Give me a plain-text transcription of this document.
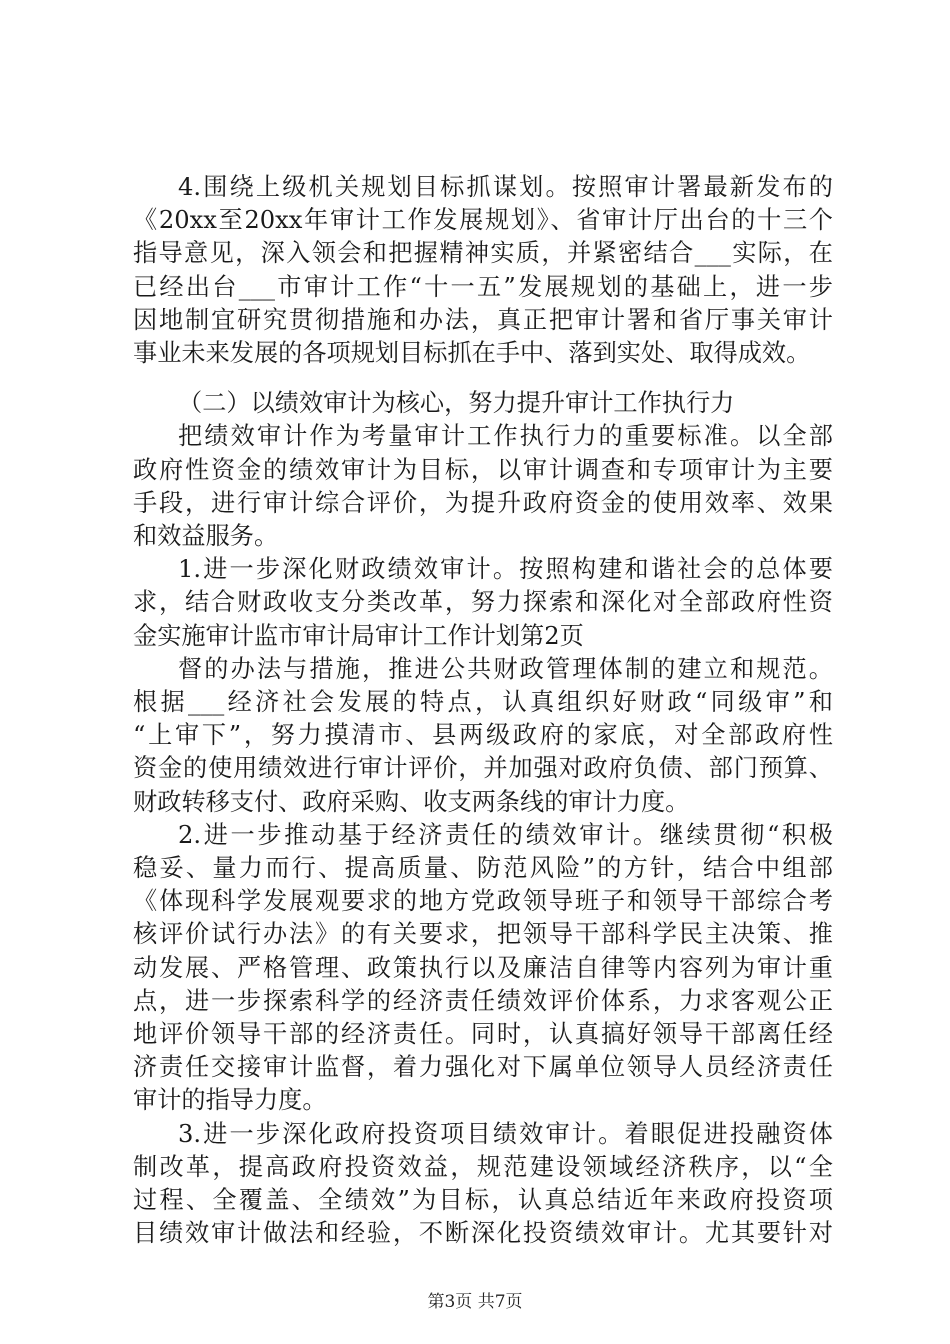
4.围绕上级机关规划目标抓谋划。按照审计署最新发布的
《20xx至20xx年审计工作发展规划》、省审计厅出台的十三个
指导意见，深入领会和把握精神实质，并紧密结合___实际，在
已经出台___市审计工作“十一五”发展规划的基础上，进一步
因地制宜研究贯彻措施和办法，真正把审计署和省厅事关审计
事业未来发展的各项规划目标抓在手中、落到实处、取得成效。
（二）以绩效审计为核心，努力提升审计工作执行力
把绩效审计作为考量审计工作执行力的重要标准。以全部
政府性资金的绩效审计为目标，以审计调查和专项审计为主要
手段，进行审计综合评价，为提升政府资金的使用效率、效果
和效益服务。
1.进一步深化财政绩效审计。按照构建和谐社会的总体要
求，结合财政收支分类改革，努力探索和深化对全部政府性资
金实施审计监市审计局审计工作计划第2页
督的办法与措施，推进公共财政管理体制的建立和规范。
根据___经济社会发展的特点，认真组织好财政“同级审”和
“上审下”，努力摸清市、县两级政府的家底，对全部政府性
资金的使用绩效进行审计评价，并加强对政府负债、部门预算、
财政转移支付、政府采购、收支两条线的审计力度。
2.进一步推动基于经济责任的绩效审计。继续贯彻“积极
稳妥、量力而行、提高质量、防范风险”的方针，结合中组部
《体现科学发展观要求的地方党政领导班子和领导干部综合考
核评价试行办法》的有关要求，把领导干部科学民主决策、推
动发展、严格管理、政策执行以及廉洁自律等内容列为审计重
点，进一步探索科学的经济责任绩效评价体系，力求客观公正
地评价领导干部的经济责任。同时，认真搞好领导干部离任经
济责任交接审计监督，着力强化对下属单位领导人员经济责任
审计的指导力度。
3.进一步深化政府投资项目绩效审计。着眼促进投融资体
制改革，提高政府投资效益，规范建设领域经济秩序，以“全
过程、全覆盖、全绩效”为目标，认真总结近年来政府投资项
目绩效审计做法和经验，不断深化投资绩效审计。尤其要针对
第3页 共7页
